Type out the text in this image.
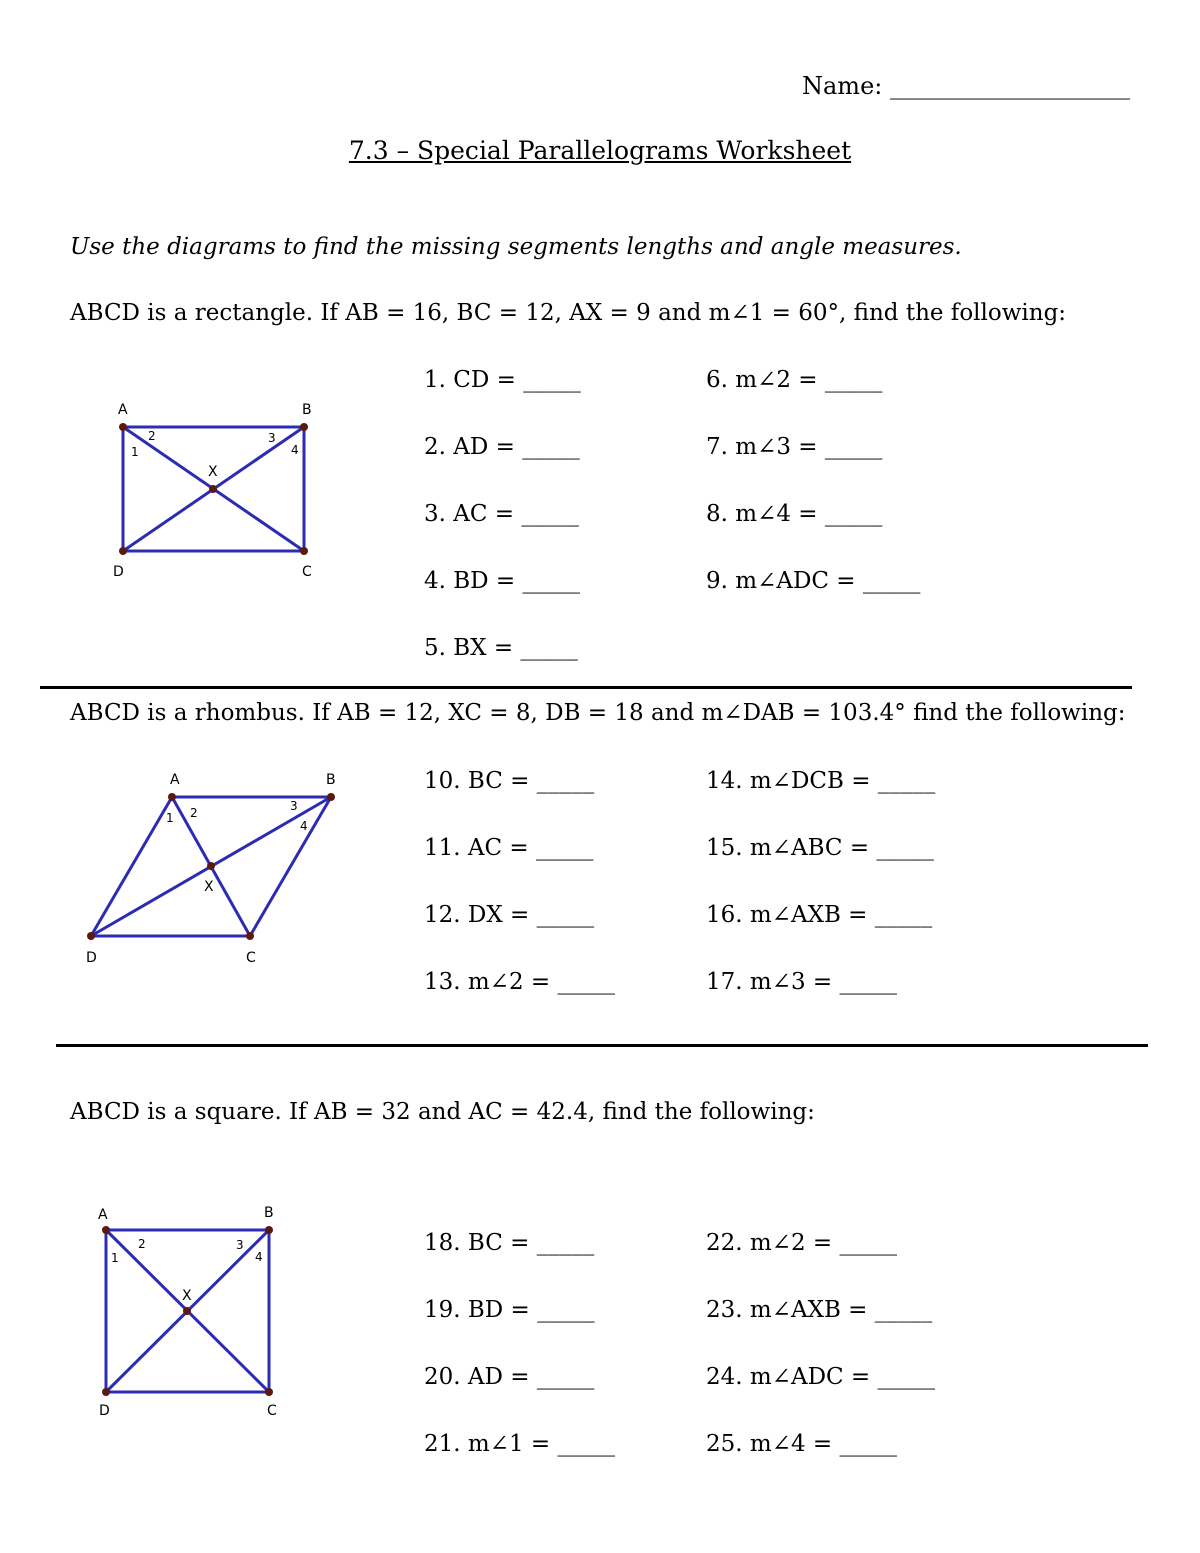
Name: ____________________
7.3 – Special Parallelograms Worksheet
Use the diagrams to find the missing segments lengths and angle measures.
ABCD is a rectangle. If AB = 16, BC = 12, AX = 9 and m∠1 = 60°, find the following:
A	B
C
D
X
1
2	3
4
1. CD = _____
2. AD = _____
3. AC = _____
4. BD = _____
5. BX = _____
6. m∠2 = _____
7. m∠3 = _____
8. m∠4 = _____
9. m∠ADC = _____
ABCD is a rhombus. If AB = 12, XC = 8, DB = 18 and m∠DAB = 103.4° find the following:
A	B
C
D
X
1 2	3
4
10. BC = _____
11. AC = _____
12. DX = _____
13. m∠2 = _____
14. m∠DCB = _____
15. m∠ABC = _____
16. m∠AXB = _____
17. m∠3 = _____
ABCD is a square. If AB = 32 and AC = 42.4, find the following:
A	B
C
D
X
1
2	3
4
18. BC = _____
19. BD = _____
20. AD = _____
21. m∠1 = _____
22. m∠2 = _____
23. m∠AXB = _____
24. m∠ADC = _____
25. m∠4 = _____
